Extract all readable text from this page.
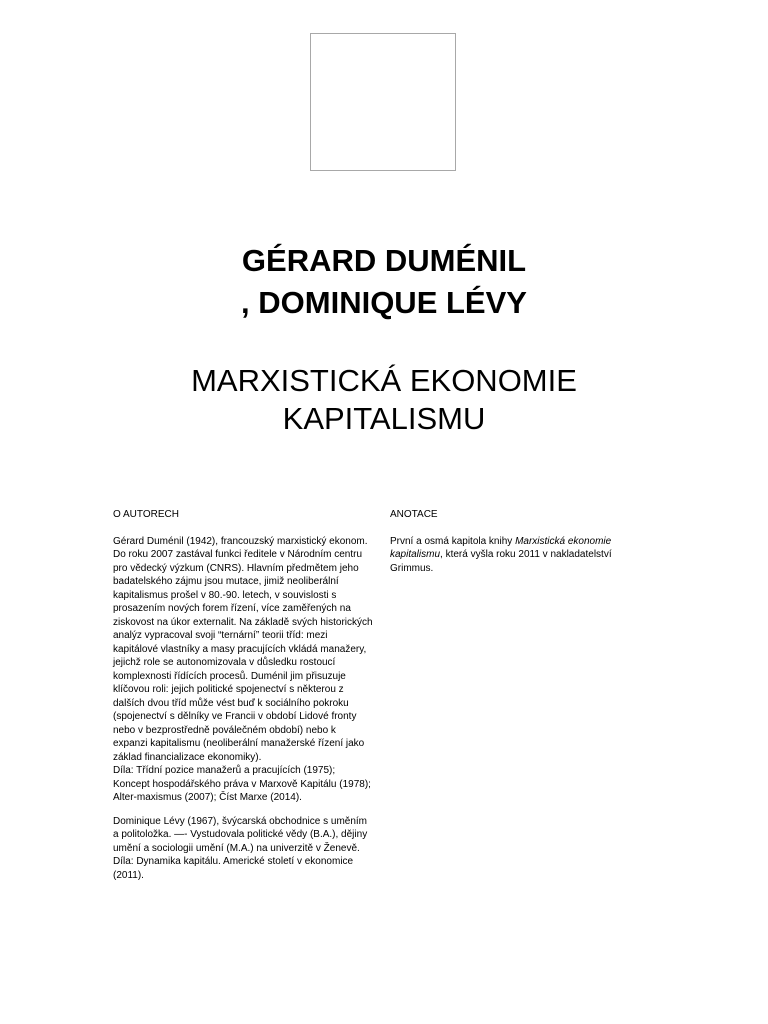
GÉRARD DUMÉNIL
, DOMINIQUE LÉVY
MARXISTICKÁ EKONOMIE
KAPITALISMU
O AUTORECH

Gérard Duménil (1942), francouzský marxistický ekonom. Do roku 2007 zastával funkci ředitele v Národním centru pro vědecký výzkum (CNRS). Hlavním předmětem jeho badatelského zájmu jsou mutace, jimiž neoliberální kapitalismus prošel v 80.-90. letech, v souvislosti s prosazením nových forem řízení, více zaměřených na ziskovost na úkor externalit. Na základě svých historických analýz vypracoval svoji “ternární” teorii tříd: mezi kapitálové vlastníky a masy pracujících vkládá manažery, jejichž role se autonomizovala v důsledku rostoucí komplexnosti řídících procesů. Duménil jim přisuzuje klíčovou roli: jejich politické spojenectví s některou z dalších dvou tříd může vést buď k sociálního pokroku (spojenectví s dělníky ve Francii v období Lidové fronty nebo v bezprostředně poválečném období) nebo k expanzi kapitalismu (neoliberální manažerské řízení jako základ financializace ekonomiky).
Díla: Třídní pozice manažerů a pracujících (1975); Koncept hospodářského práva v Marxově Kapitálu (1978); Alter-maxismus (2007); Číst Marxe (2014).

Dominique Lévy (1967), švýcarská obchodnice s uměním a politoložka. —- Vystudovala politické vědy (B.A.), dějiny umění a sociologii umění (M.A.) na univerzitě v Ženevě.
Díla: Dynamika kapitálu. Americké století v ekonomice (2011).

ANOTACE

První a osmá kapitola knihy Marxistická ekonomie kapitalismu, která vyšla roku 2011 v nakladatelství Grimmus.
